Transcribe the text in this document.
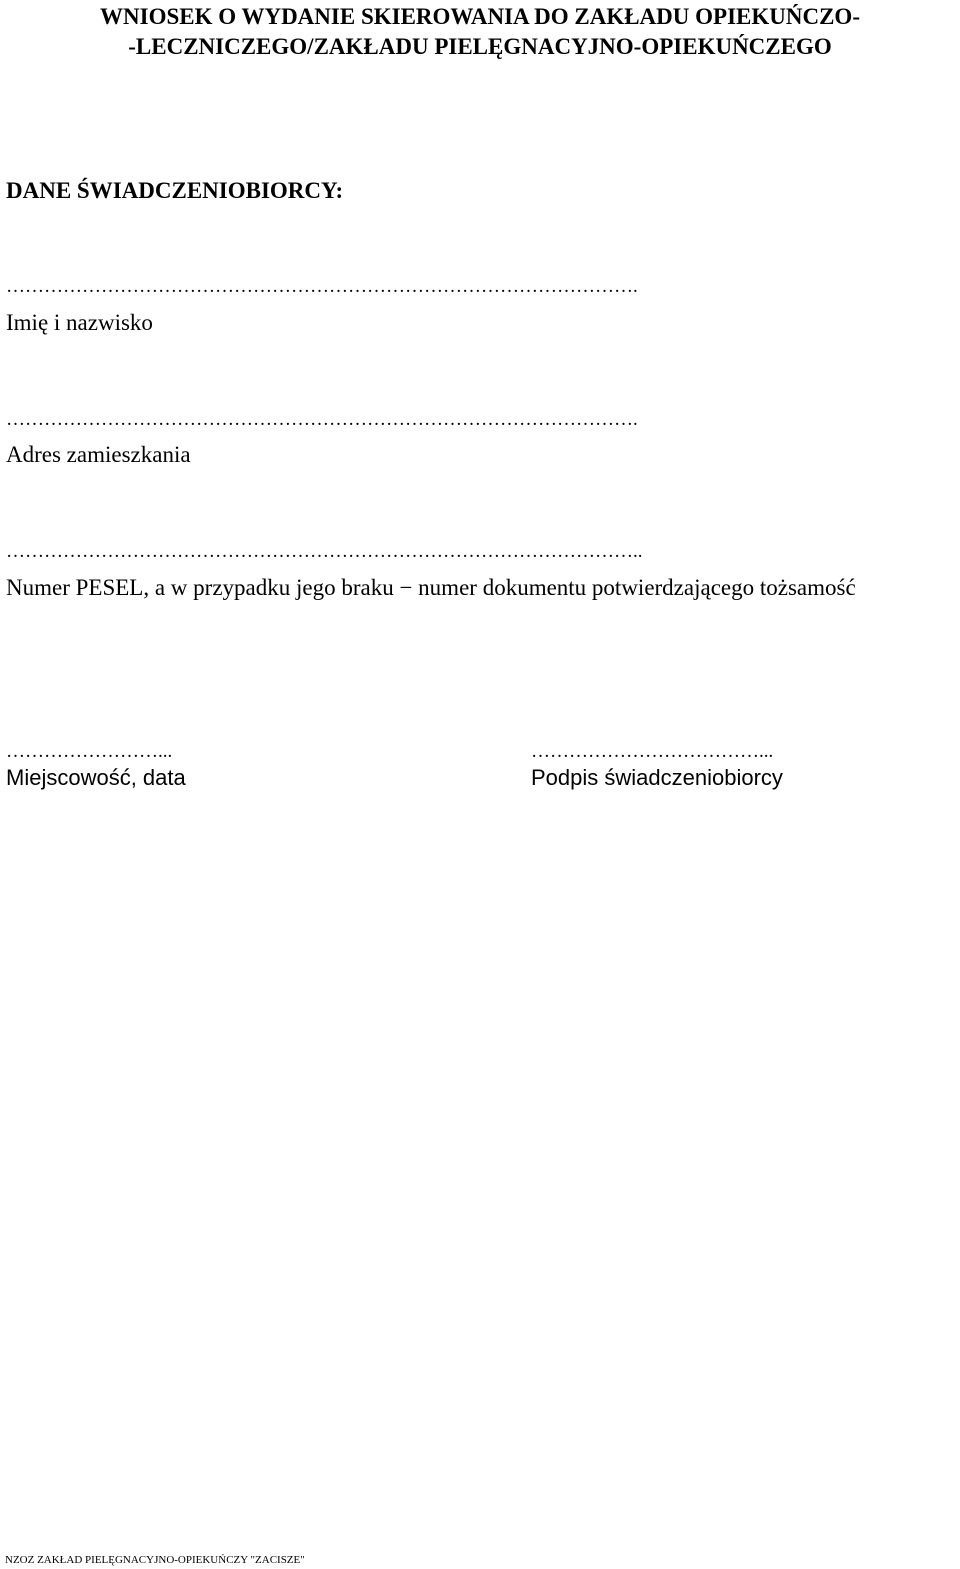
WNIOSEK O WYDANIE SKIEROWANIA DO ZAKŁADU OPIEKUŃCZO-
-LECZNICZEGO/ZAKŁADU PIELĘGNACYJNO-OPIEKUŃCZEGO
DANE ŚWIADCZENIOBIORCY:
……………………………………………………………………………………….
Imię i nazwisko
……………………………………………………………………………………….
Adres zamieszkania
………………………………………………………………………………………..
Numer PESEL, a w przypadku jego braku − numer dokumentu potwierdzającego tożsamość
……………………...
Miejscowość, data
………………………………...
Podpis świadczeniobiorcy
NZOZ ZAKŁAD PIELĘGNACYJNO-OPIEKUŃCZY "ZACISZE"
